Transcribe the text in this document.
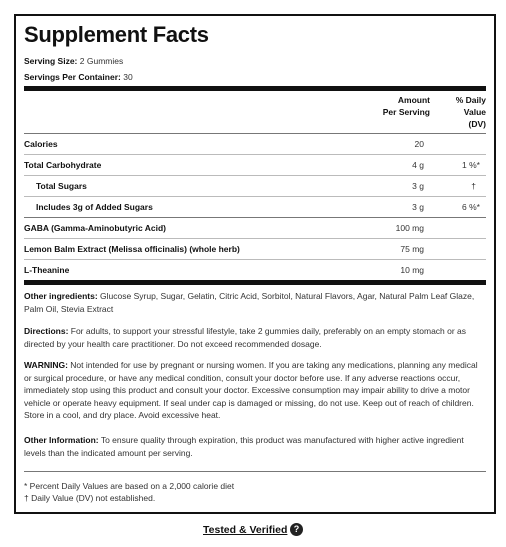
Supplement Facts
Serving Size: 2 Gummies
Servings Per Container: 30
Amount
Per Serving
% Daily
Value
(DV)
Calories	20
Total Carbohydrate	4 g	1 %*
Total Sugars	3 g	†
Includes 3g of Added Sugars	3 g	6 %*
GABA (Gamma-Aminobutyric Acid)	100 mg
Lemon Balm Extract (Melissa officinalis) (whole herb)	75 mg
L-Theanine	10 mg
Other ingredients: Glucose Syrup, Sugar, Gelatin, Citric Acid, Sorbitol, Natural Flavors, Agar, Natural Palm Leaf Glaze, Palm Oil, Stevia Extract
Directions: For adults, to support your stressful lifestyle, take 2 gummies daily, preferably on an empty stomach or as directed by your health care practitioner. Do not exceed recommended dosage.
WARNING: Not intended for use by pregnant or nursing women. If you are taking any medications, planning any medical or surgical procedure, or have any medical condition, consult your doctor before use. If any adverse reactions occur, immediately stop using this product and consult your doctor. Excessive consumption may impair ability to drive a motor vehicle or operate heavy equipment. If seal under cap is damaged or missing, do not use. Keep out of reach of children. Store in a cool, and dry place. Avoid excessive heat.
Other Information: To ensure quality through expiration, this product was manufactured with higher active ingredient levels than the indicated amount per serving.
* Percent Daily Values are based on a 2,000 calorie diet
† Daily Value (DV) not established.
Tested & Verified ?
